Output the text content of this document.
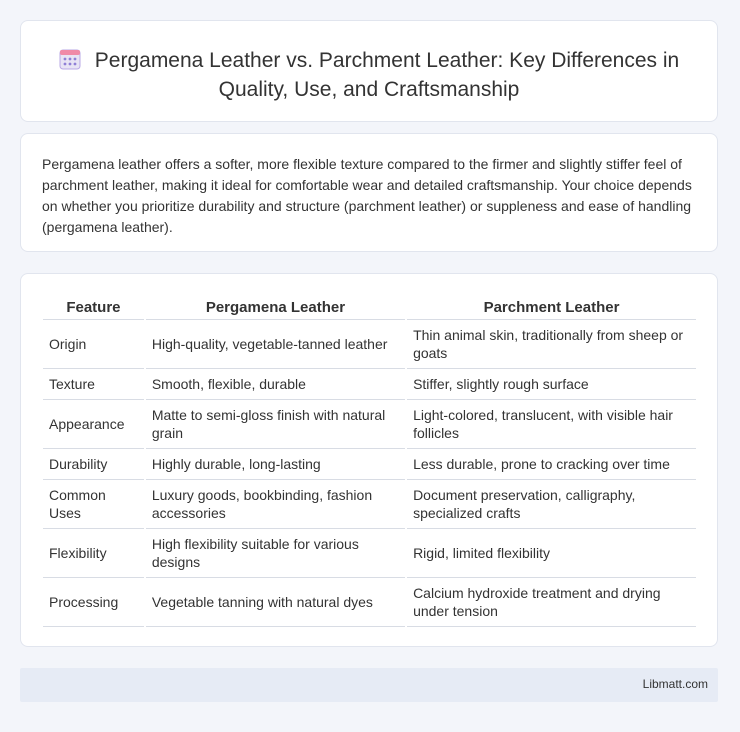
Pergamena Leather vs. Parchment Leather: Key Differences in Quality, Use, and Craftsmanship
Pergamena leather offers a softer, more flexible texture compared to the firmer and slightly stiffer feel of parchment leather, making it ideal for comfortable wear and detailed craftsmanship. Your choice depends on whether you prioritize durability and structure (parchment leather) or suppleness and ease of handling (pergamena leather).
Feature	Pergamena Leather	Parchment Leather
Origin	High-quality, vegetable-tanned leather	Thin animal skin, traditionally from sheep or goats
Texture	Smooth, flexible, durable	Stiffer, slightly rough surface
Appearance	Matte to semi-gloss finish with natural grain	Light-colored, translucent, with visible hair follicles
Durability	Highly durable, long-lasting	Less durable, prone to cracking over time
Common Uses	Luxury goods, bookbinding, fashion accessories	Document preservation, calligraphy, specialized crafts
Flexibility	High flexibility suitable for various designs	Rigid, limited flexibility
Processing	Vegetable tanning with natural dyes	Calcium hydroxide treatment and drying under tension
Libmatt.com
